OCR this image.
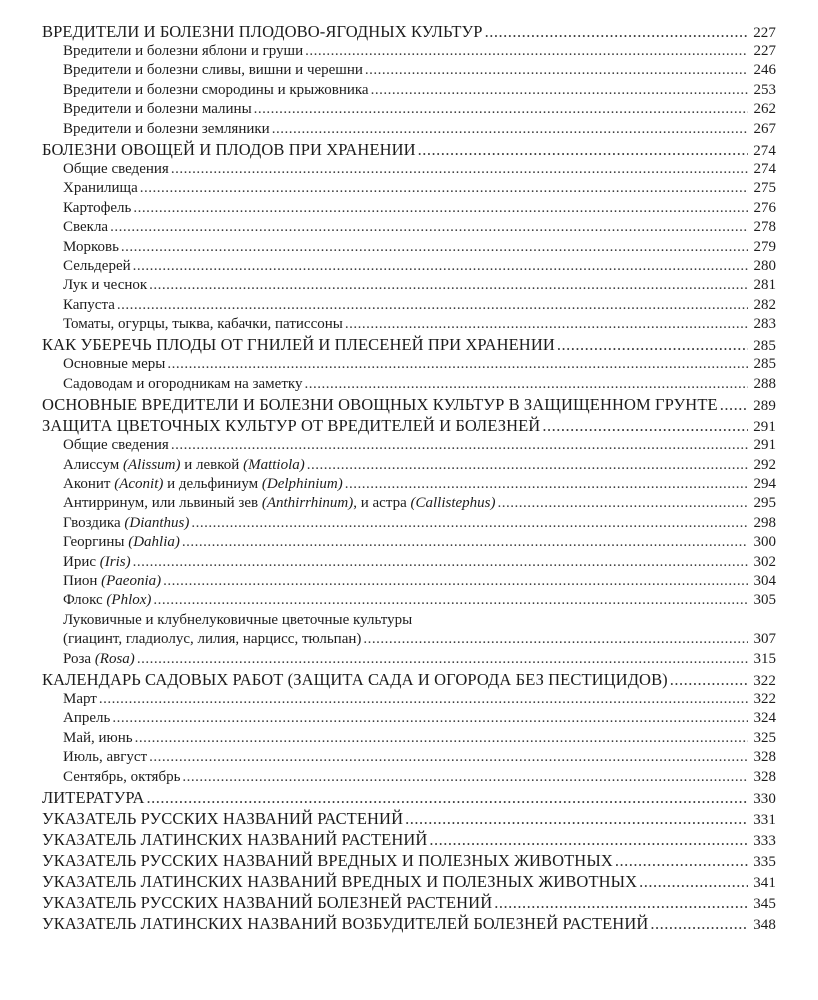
ВРЕДИТЕЛИ И БОЛЕЗНИ ПЛОДОВО-ЯГОДНЫХ КУЛЬТУР .....	227
Вредители и болезни яблони и груши .....	227
Вредители и болезни сливы, вишни и черешни .....	246
Вредители и болезни смородины и крыжовника .....	253
Вредители и болезни малины .....	262
Вредители и болезни земляники .....	267
БОЛЕЗНИ ОВОЩЕЙ И ПЛОДОВ ПРИ ХРАНЕНИИ .....	274
Общие сведения .....	274
Хранилища .....	275
Картофель .....	276
Свекла .....	278
Морковь .....	279
Сельдерей .....	280
Лук и чеснок .....	281
Капуста .....	282
Томаты, огурцы, тыква, кабачки, патиссоны .....	283
КАК УБЕРЕЧЬ ПЛОДЫ ОТ ГНИЛЕЙ И ПЛЕСЕНЕЙ ПРИ ХРАНЕНИИ .....	285
Основные меры .....	285
Садоводам и огородникам на заметку .....	288
ОСНОВНЫЕ ВРЕДИТЕЛИ И БОЛЕЗНИ ОВОЩНЫХ КУЛЬТУР В ЗАЩИЩЕННОМ ГРУНТЕ ..... 289
ЗАЩИТА ЦВЕТОЧНЫХ КУЛЬТУР ОТ ВРЕДИТЕЛЕЙ И БОЛЕЗНЕЙ .....	291
Общие сведения .....	291
Алиссум (Alissum) и левкой (Mattiola) .....	292
Аконит (Aconit) и дельфиниум (Delphinium) .....	294
Антирринум, или львиный зев (Anthirrhinum), и астра (Callistephus) .....	295
Гвоздика (Dianthus) .....	298
Георгины (Dahlia) .....	300
Ирис (Iris) .....	302
Пион (Paeonia) .....	304
Флокс (Phlox) .....	305
Луковичные и клубнелуковичные цветочные культуры
(гиацинт, гладиолус, лилия, нарцисс, тюльпан) .....	307
Роза (Rosa) .....	315
КАЛЕНДАРЬ САДОВЫХ РАБОТ (ЗАЩИТА САДА И ОГОРОДА БЕЗ ПЕСТИЦИДОВ) .....	322
Март .....	322
Апрель .....	324
Май, июнь .....	325
Июль, август .....	328
Сентябрь, октябрь .....	328
ЛИТЕРАТУРА .....	330
УКАЗАТЕЛЬ РУССКИХ НАЗВАНИЙ РАСТЕНИЙ .....	331
УКАЗАТЕЛЬ ЛАТИНСКИХ НАЗВАНИЙ РАСТЕНИЙ .....	333
УКАЗАТЕЛЬ РУССКИХ НАЗВАНИЙ ВРЕДНЫХ И ПОЛЕЗНЫХ ЖИВОТНЫХ .....	335
УКАЗАТЕЛЬ ЛАТИНСКИХ НАЗВАНИЙ ВРЕДНЫХ И ПОЛЕЗНЫХ ЖИВОТНЫХ .....	341
УКАЗАТЕЛЬ РУССКИХ НАЗВАНИЙ БОЛЕЗНЕЙ РАСТЕНИЙ .....	345
УКАЗАТЕЛЬ ЛАТИНСКИХ НАЗВАНИЙ ВОЗБУДИТЕЛЕЙ БОЛЕЗНЕЙ РАСТЕНИЙ .....	348
